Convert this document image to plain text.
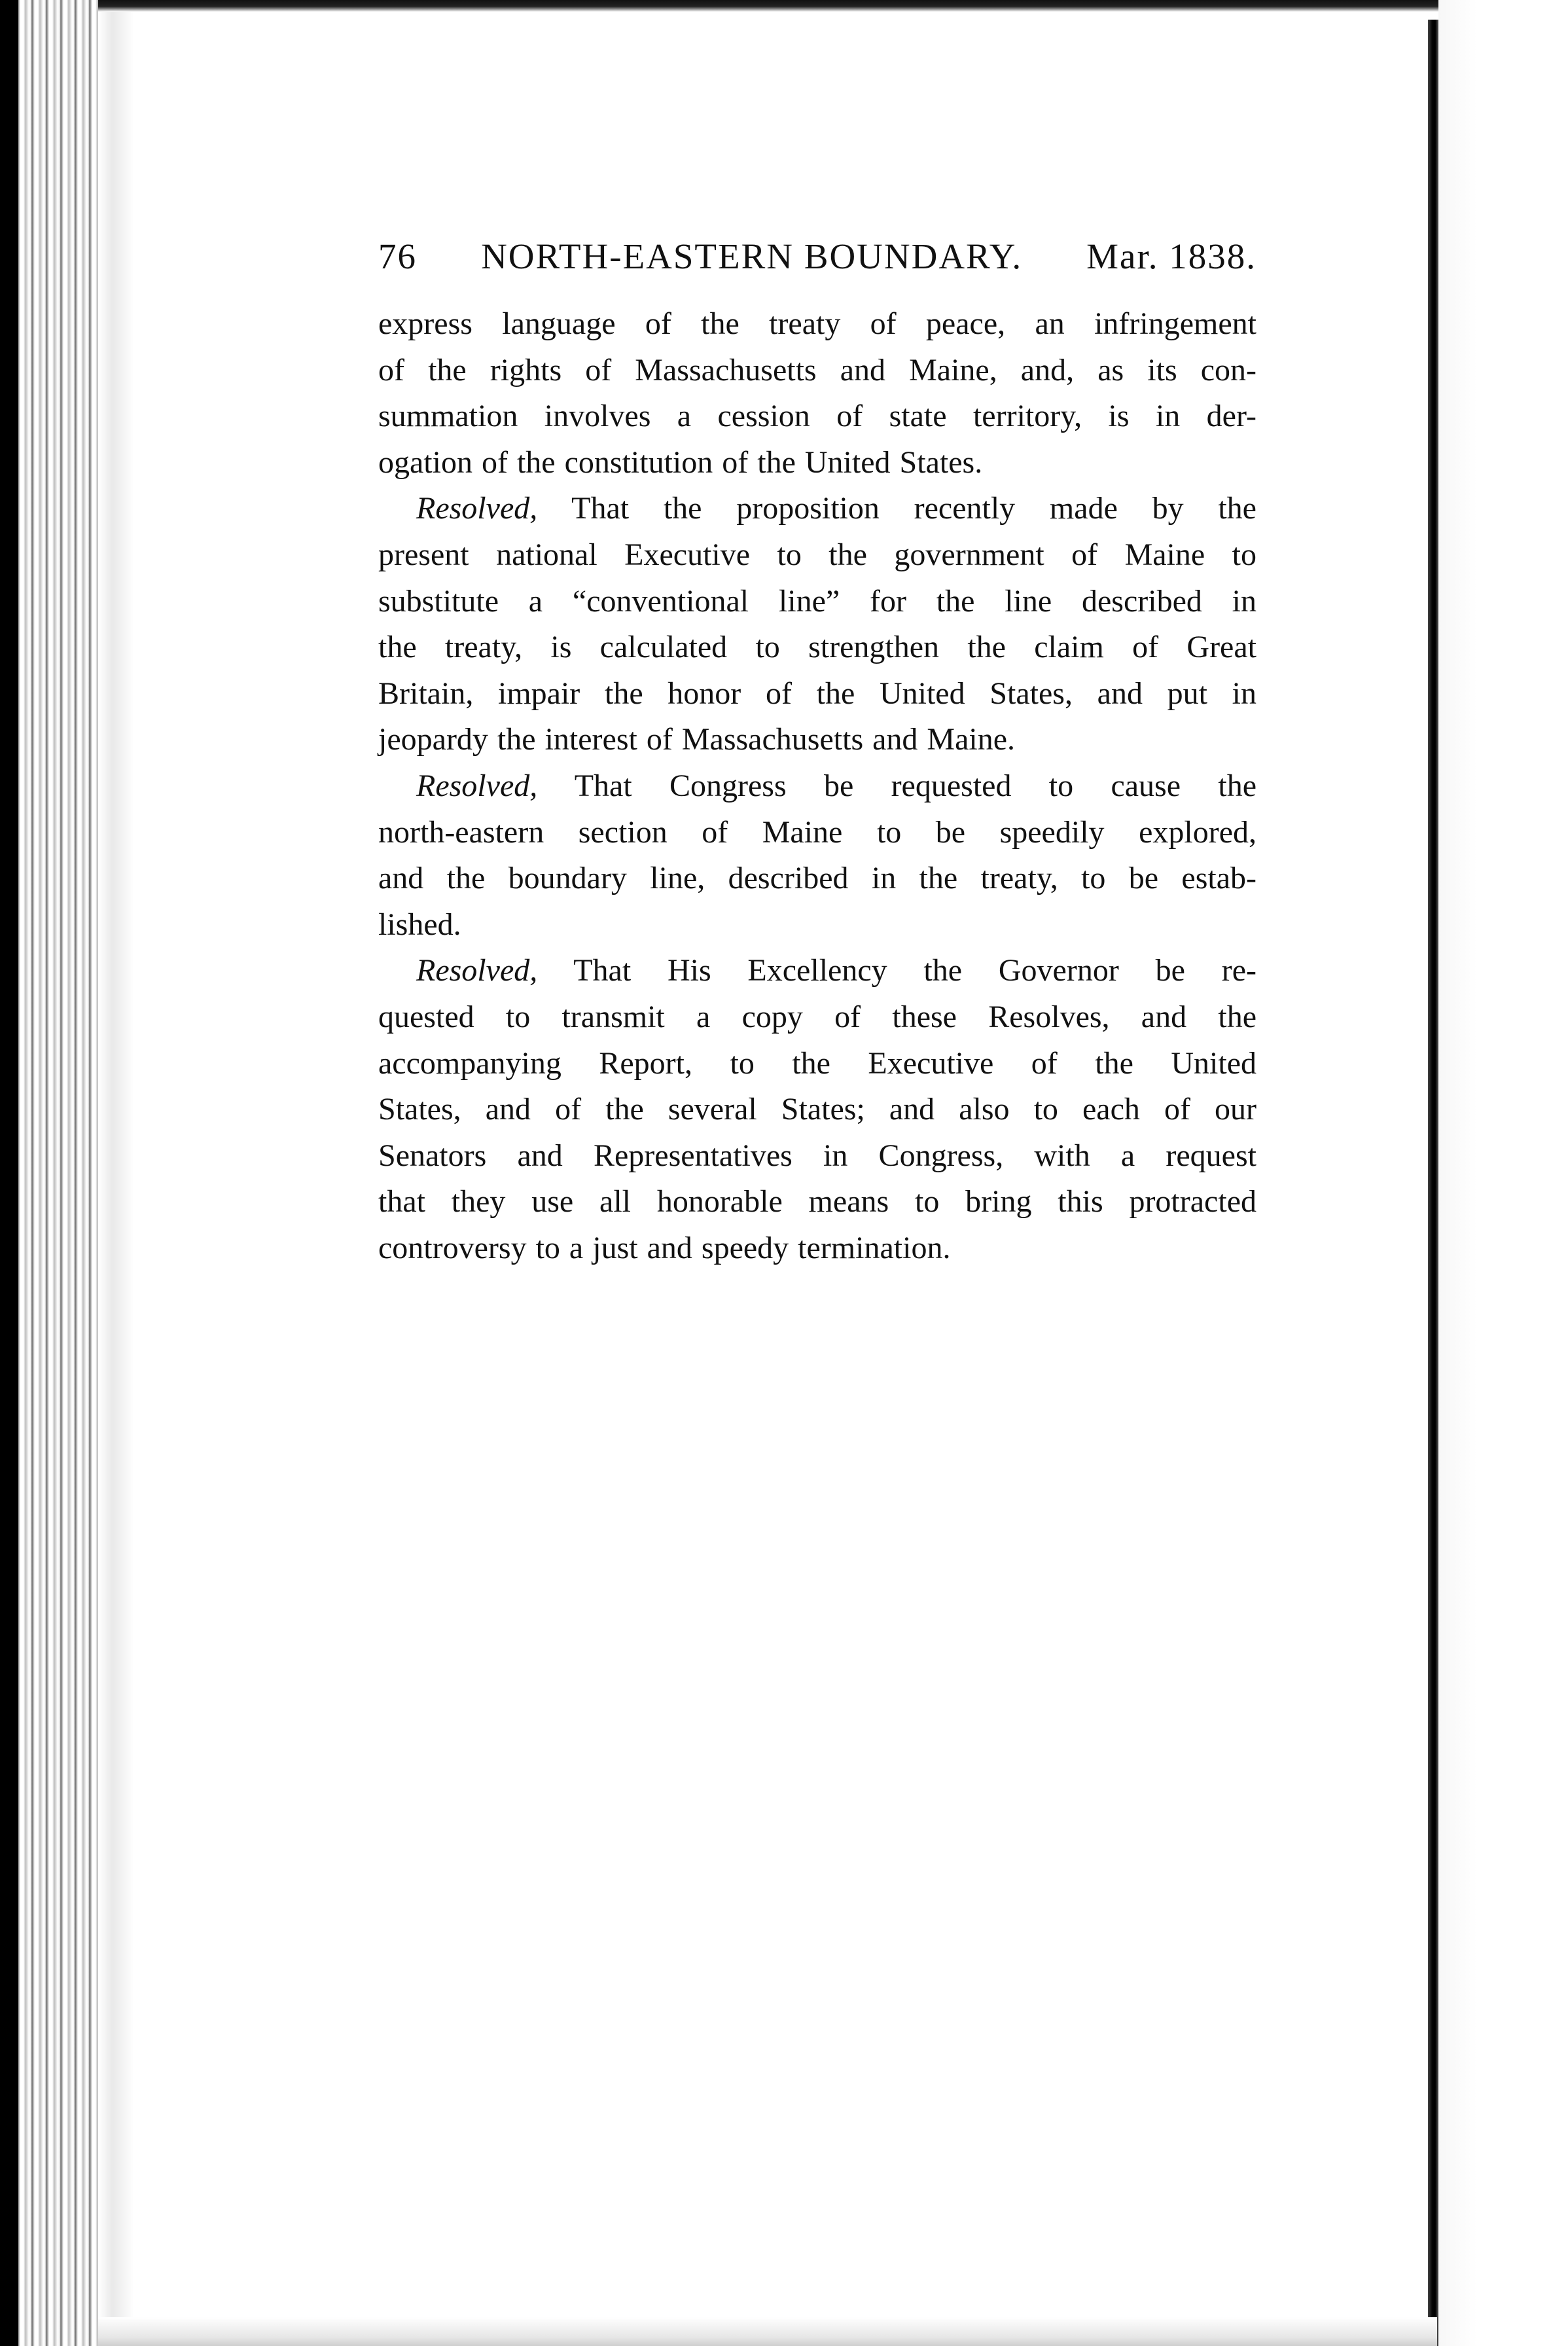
76 NORTH-EASTERN BOUNDARY. Mar. 1838.

express language of the treaty of peace, an infringement
of the rights of Massachusetts and Maine, and, as its con-
summation involves a cession of state territory, is in der-
ogation of the constitution of the United States.

Resolved, That the proposition recently made by the
present national Executive to the government of Maine to
substitute a “conventional line” for the line described in
the treaty, is calculated to strengthen the claim of Great
Britain, impair the honor of the United States, and put in
jeopardy the interest of Massachusetts and Maine.

Resolved, That Congress be requested to cause the
north-eastern section of Maine to be speedily explored,
and the boundary line, described in the treaty, to be estab-
lished.

Resolved, That His Excellency the Governor be re-
quested to transmit a copy of these Resolves, and the
accompanying Report, to the Executive of the United
States, and of the several States; and also to each of our
Senators and Representatives in Congress, with a request
that they use all honorable means to bring this protracted
controversy to a just and speedy termination.
